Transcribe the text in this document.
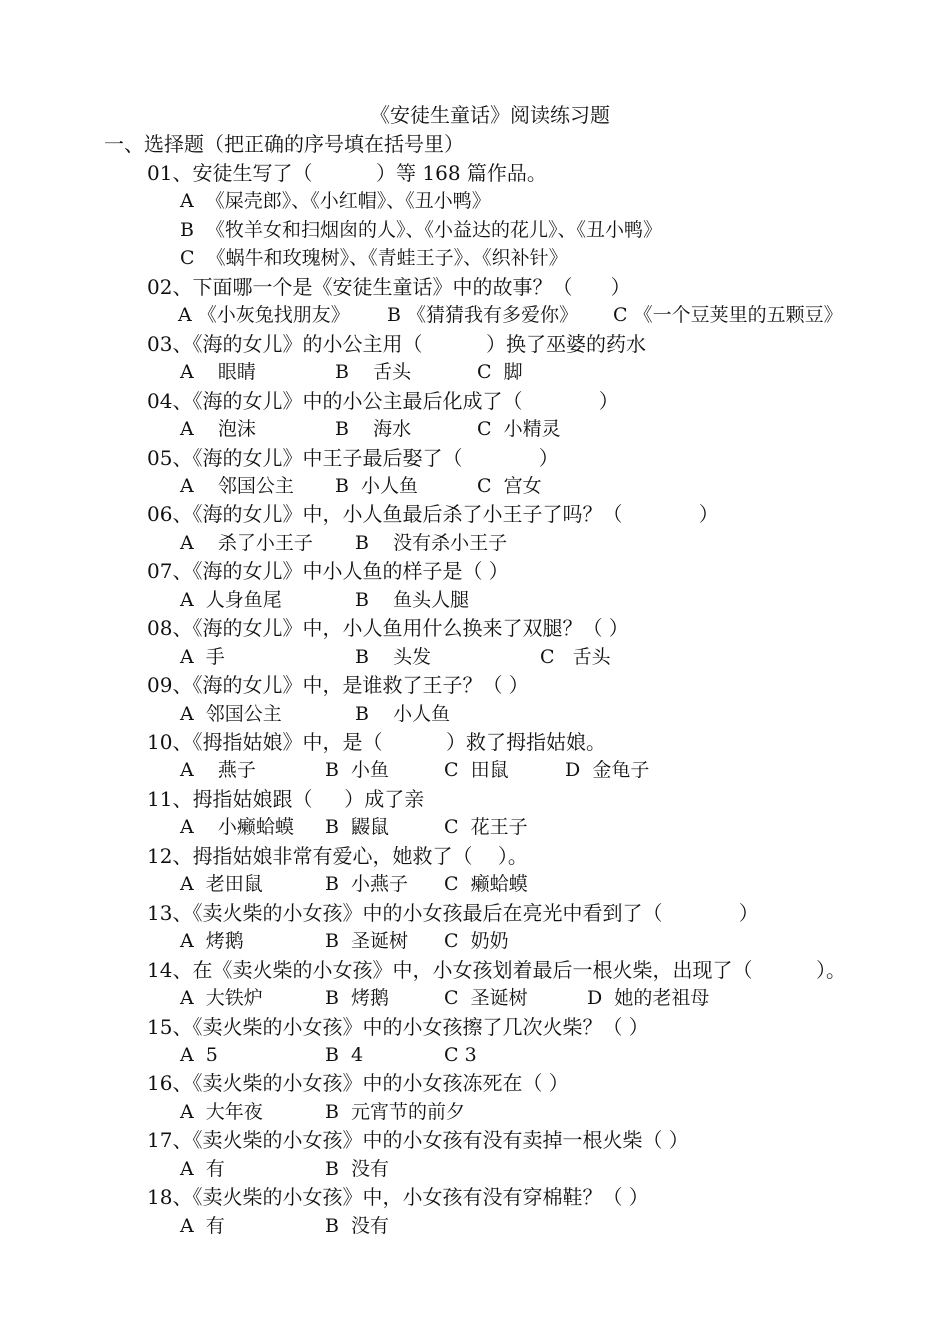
《安徒生童话》阅读练习题
一、选择题（把正确的序号填在括号里）
01、安徒生写了（          ）等 168 篇作品。
A  《屎壳郎》、《小红帽》、《丑小鸭》
B  《牧羊女和扫烟囱的人》、《小益达的花儿》、《丑小鸭》
C  《蜗牛和玫瑰树》、《青蛙王子》、《织补针》
02、下面哪一个是《安徒生童话》中的故事？（      ）
A 《小灰兔找朋友》 B 《猜猜我有多爱你》 C 《一个豆荚里的五颗豆》
03、《海的女儿》的小公主用（          ）换了巫婆的药水
A    眼睛	B    舌头	C  脚
04、《海的女儿》中的小公主最后化成了（            ）
A    泡沫	B    海水	C  小精灵
05、《海的女儿》中王子最后娶了（            ）
A    邻国公主 B  小人鱼	C  宫女
06、《海的女儿》中，小人鱼最后杀了小王子了吗？（            ）
A    杀了小王子 B    没有杀小王子
07、《海的女儿》中小人鱼的样子是（ ）
A  人身鱼尾	B    鱼头人腿
08、《海的女儿》中，小人鱼用什么换来了双腿？（ ）
A  手	B    头发	C   舌头
09、《海的女儿》中，是谁救了王子？（ ）
A  邻国公主	B    小人鱼
10、《拇指姑娘》中，是（          ）救了拇指姑娘。
A    燕子	B  小鱼	C  田鼠	D  金龟子
11、拇指姑娘跟（     ）成了亲
A    小癞蛤蟆 B  鼹鼠	C  花王子
12、拇指姑娘非常有爱心，她救了（    ）。
A  老田鼠	B  小燕子 C  癞蛤蟆
13、《卖火柴的小女孩》中的小女孩最后在亮光中看到了（            ）
A  烤鹅	B  圣诞树 C  奶奶
14、在《卖火柴的小女孩》中，小女孩划着最后一根火柴，出现了（          ）。
A  大铁炉	B  烤鹅	C  圣诞树	D  她的老祖母
15、《卖火柴的小女孩》中的小女孩擦了几次火柴？（ ）
A  5	B  4	C 3
16、《卖火柴的小女孩》中的小女孩冻死在（ ）
A  大年夜	B  元宵节的前夕
17、《卖火柴的小女孩》中的小女孩有没有卖掉一根火柴（ ）
A  有	B  没有
18、《卖火柴的小女孩》中，小女孩有没有穿棉鞋？（ ）
A  有	B  没有
